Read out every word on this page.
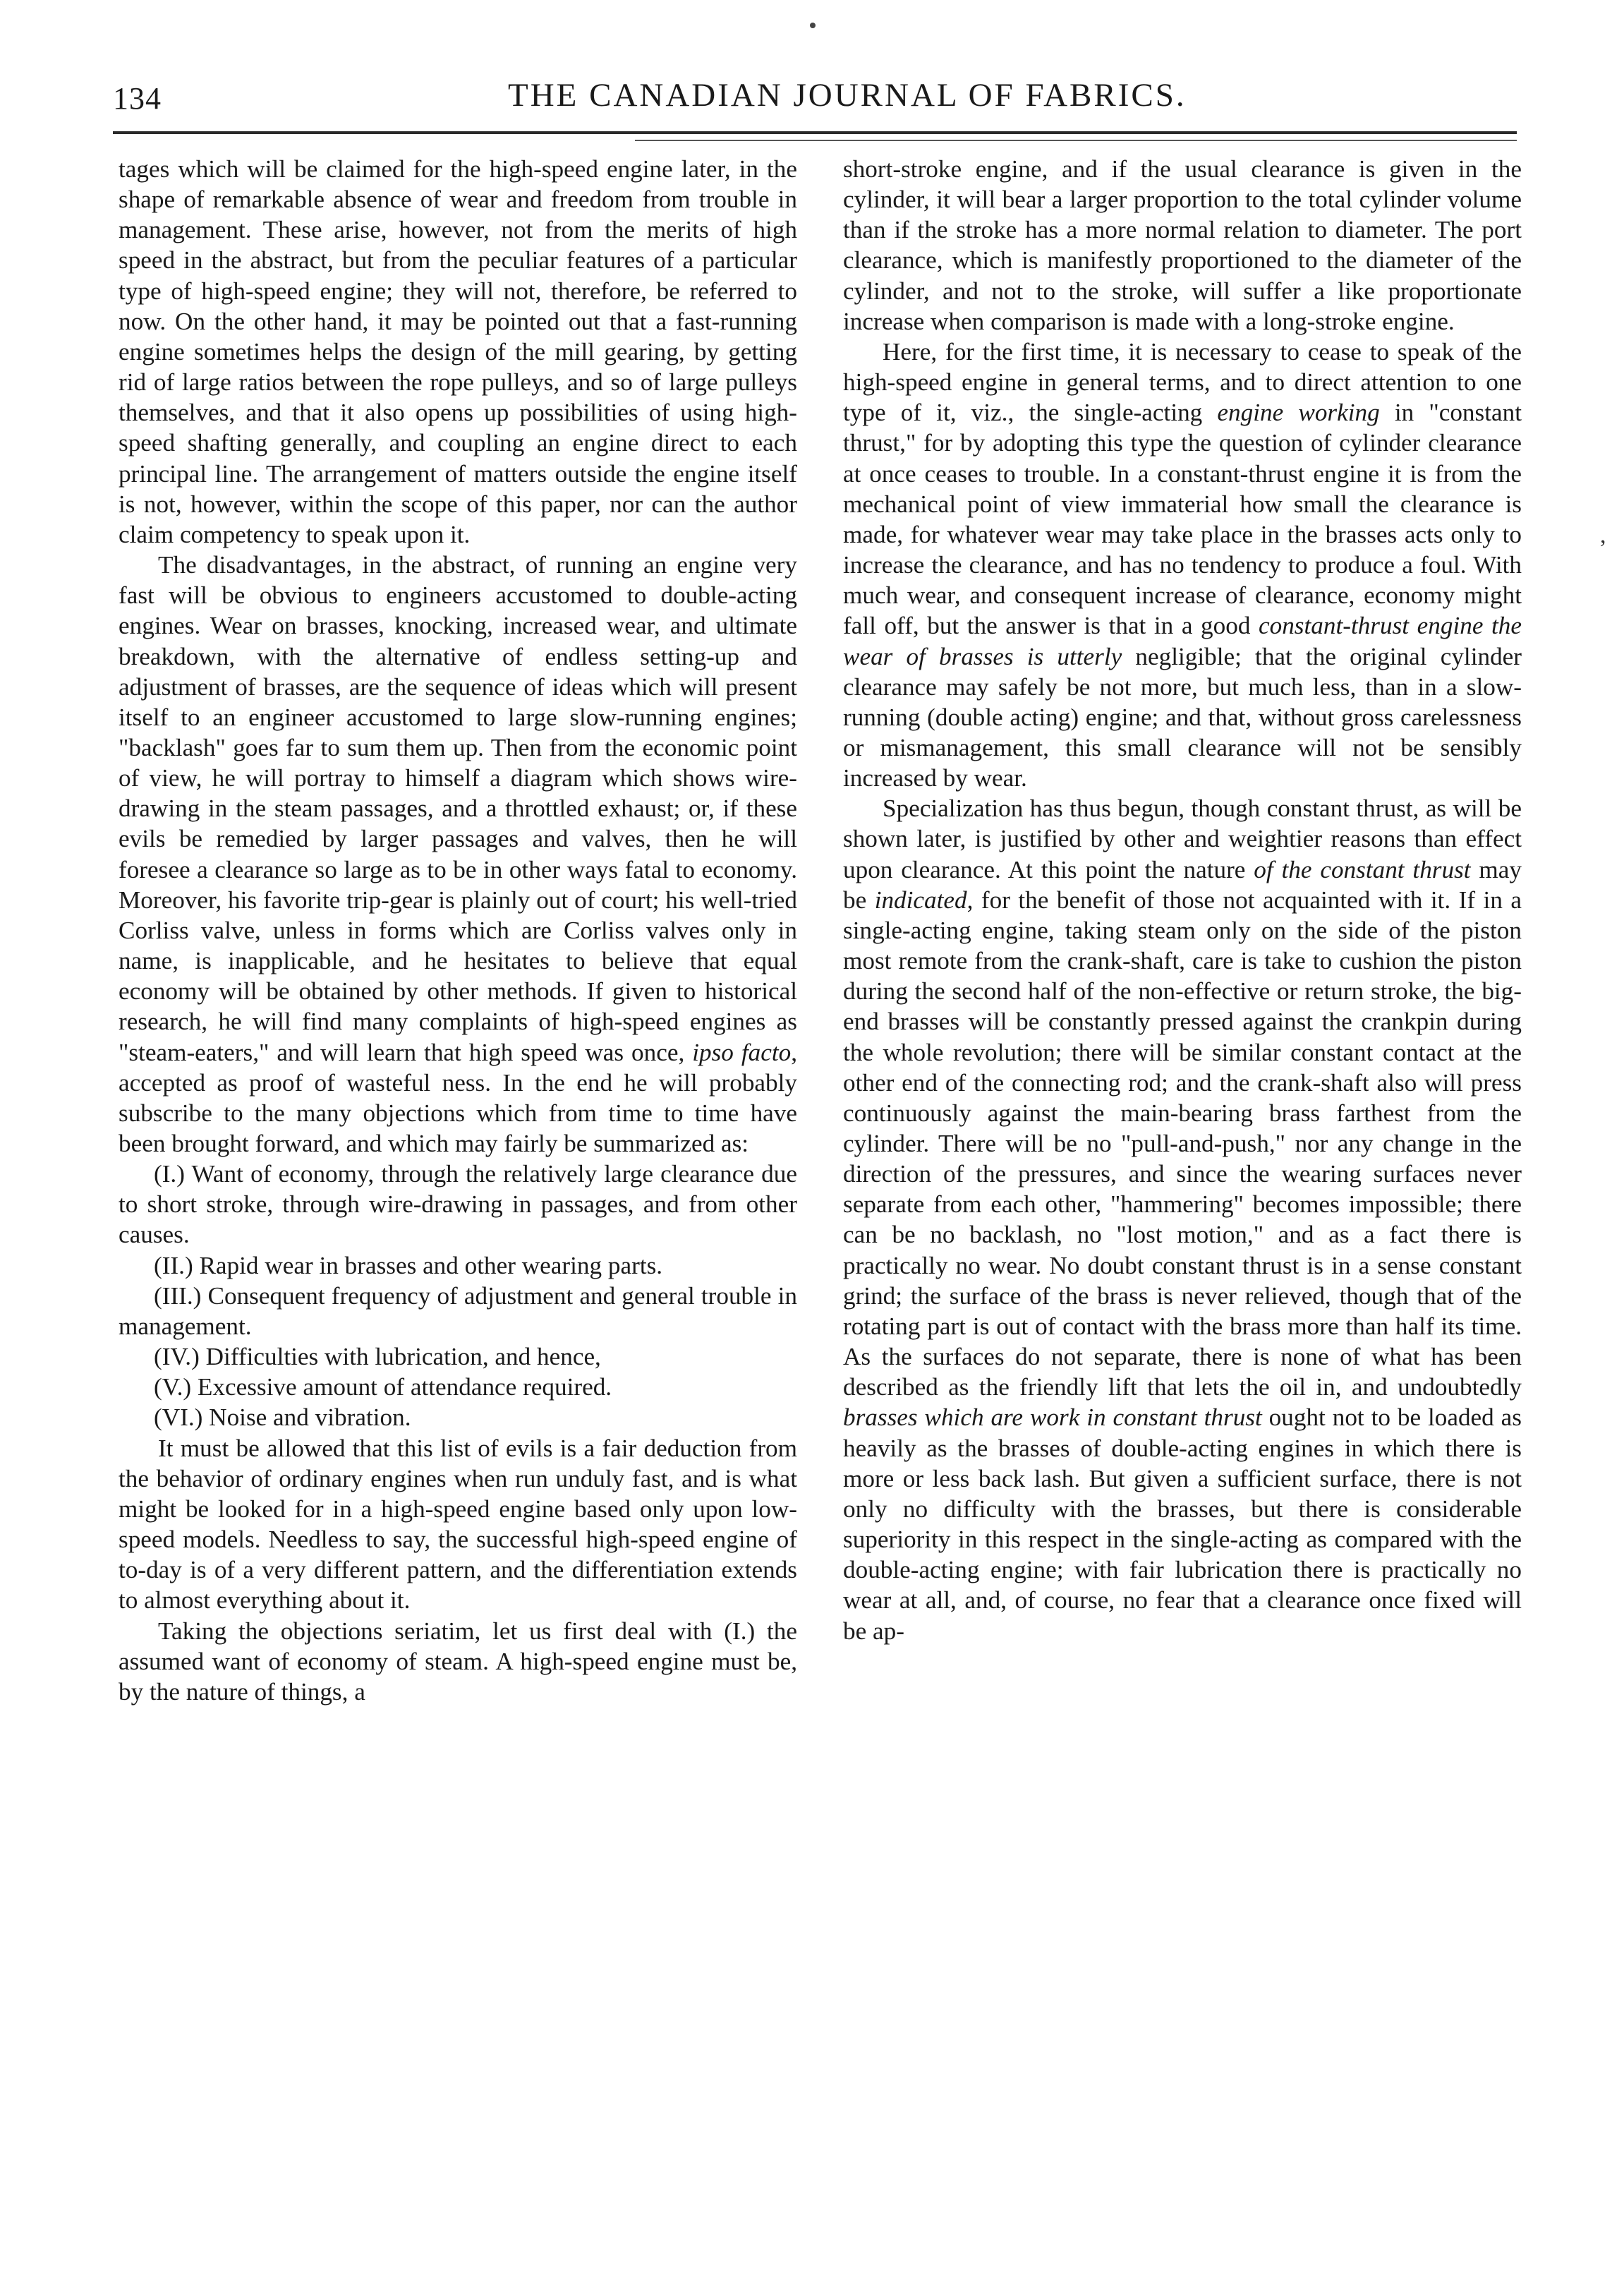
134	THE CANADIAN JOURNAL OF FABRICS.

tages which will be claimed for the high-speed engine later, in the shape of remarkable absence of wear and freedom from trouble in management. These arise, however, not from the merits of high speed in the abstract, but from the peculiar features of a particular type of high-speed engine; they will not, therefore, be referred to now. On the other hand, it may be pointed out that a fast-running engine sometimes helps the design of the mill gearing, by getting rid of large ratios between the rope pulleys, and so of large pulleys themselves, and that it also opens up possibilities of using high-speed shafting generally, and coupling an engine direct to each principal line. The arrangement of matters outside the engine itself is not, however, within the scope of this paper, nor can the author claim competency to speak upon it.

The disadvantages, in the abstract, of running an engine very fast will be obvious to engineers accustomed to double-acting engines. Wear on brasses, knocking, increased wear, and ultimate breakdown, with the alternative of endless setting-up and adjustment of brasses, are the sequence of ideas which will present itself to an engineer accustomed to large slow-running engines; "backlash" goes far to sum them up. Then from the economic point of view, he will portray to himself a diagram which shows wire-drawing in the steam passages, and a throttled exhaust; or, if these evils be remedied by larger passages and valves, then he will foresee a clearance so large as to be in other ways fatal to economy. Moreover, his favorite trip-gear is plainly out of court; his well-tried Corliss valve, unless in forms which are Corliss valves only in name, is inapplicable, and he hesitates to believe that equal economy will be obtained by other methods. If given to historical research, he will find many complaints of high-speed engines as "steam-eaters," and will learn that high speed was once, ipso facto, accepted as proof of wasteful ness. In the end he will probably subscribe to the many objections which from time to time have been brought forward, and which may fairly be summarized as:

(I.) Want of economy, through the relatively large clearance due to short stroke, through wire-drawing in passages, and from other causes.

(II.) Rapid wear in brasses and other wearing parts.

(III.) Consequent frequency of adjustment and general trouble in management.

(IV.) Difficulties with lubrication, and hence,

(V.) Excessive amount of attendance required.

(VI.) Noise and vibration.

It must be allowed that this list of evils is a fair deduction from the behavior of ordinary engines when run unduly fast, and is what might be looked for in a high-speed engine based only upon low-speed models. Needless to say, the successful high-speed engine of to-day is of a very different pattern, and the differentiation extends to almost everything about it.

Taking the objections seriatim, let us first deal with (I.) the assumed want of economy of steam. A high-speed engine must be, by the nature of things, a

short-stroke engine, and if the usual clearance is given in the cylinder, it will bear a larger proportion to the total cylinder volume than if the stroke has a more normal relation to diameter. The port clearance, which is manifestly proportioned to the diameter of the cylinder, and not to the stroke, will suffer a like proportionate increase when comparison is made with a long-stroke engine.

Here, for the first time, it is necessary to cease to speak of the high-speed engine in general terms, and to direct attention to one type of it, viz., the single-acting engine working in "constant thrust," for by adopting this type the question of cylinder clearance at once ceases to trouble. In a constant-thrust engine it is from the mechanical point of view immaterial how small the clearance is made, for whatever wear may take place in the brasses acts only to increase the clearance, and has no tendency to produce a foul. With much wear, and consequent increase of clearance, economy might fall off, but the answer is that in a good constant-thrust engine the wear of brasses is utterly negligible; that the original cylinder clearance may safely be not more, but much less, than in a slow-running (double acting) engine; and that, without gross carelessness or mismanagement, this small clearance will not be sensibly increased by wear.

Specialization has thus begun, though constant thrust, as will be shown later, is justified by other and weightier reasons than effect upon clearance. At this point the nature of the constant thrust may be indicated, for the benefit of those not acquainted with it. If in a single-acting engine, taking steam only on the side of the piston most remote from the crank-shaft, care is take to cushion the piston during the second half of the non-effective or return stroke, the big-end brasses will be constantly pressed against the crankpin during the whole revolution; there will be similar constant contact at the other end of the connecting rod; and the crank-shaft also will press continuously against the main-bearing brass farthest from the cylinder. There will be no "pull-and-push," nor any change in the direction of the pressures, and since the wearing surfaces never separate from each other, "hammering" becomes impossible; there can be no backlash, no "lost motion," and as a fact there is practically no wear. No doubt constant thrust is in a sense constant grind; the surface of the brass is never relieved, though that of the rotating part is out of contact with the brass more than half its time. As the surfaces do not separate, there is none of what has been described as the friendly lift that lets the oil in, and undoubtedly brasses which are work in constant thrust ought not to be loaded as heavily as the brasses of double-acting engines in which there is more or less back lash. But given a sufficient surface, there is not only no difficulty with the brasses, but there is considerable superiority in this respect in the single-acting as compared with the double-acting engine; with fair lubrication there is practically no wear at all, and, of course, no fear that a clearance once fixed will be ap-

,
